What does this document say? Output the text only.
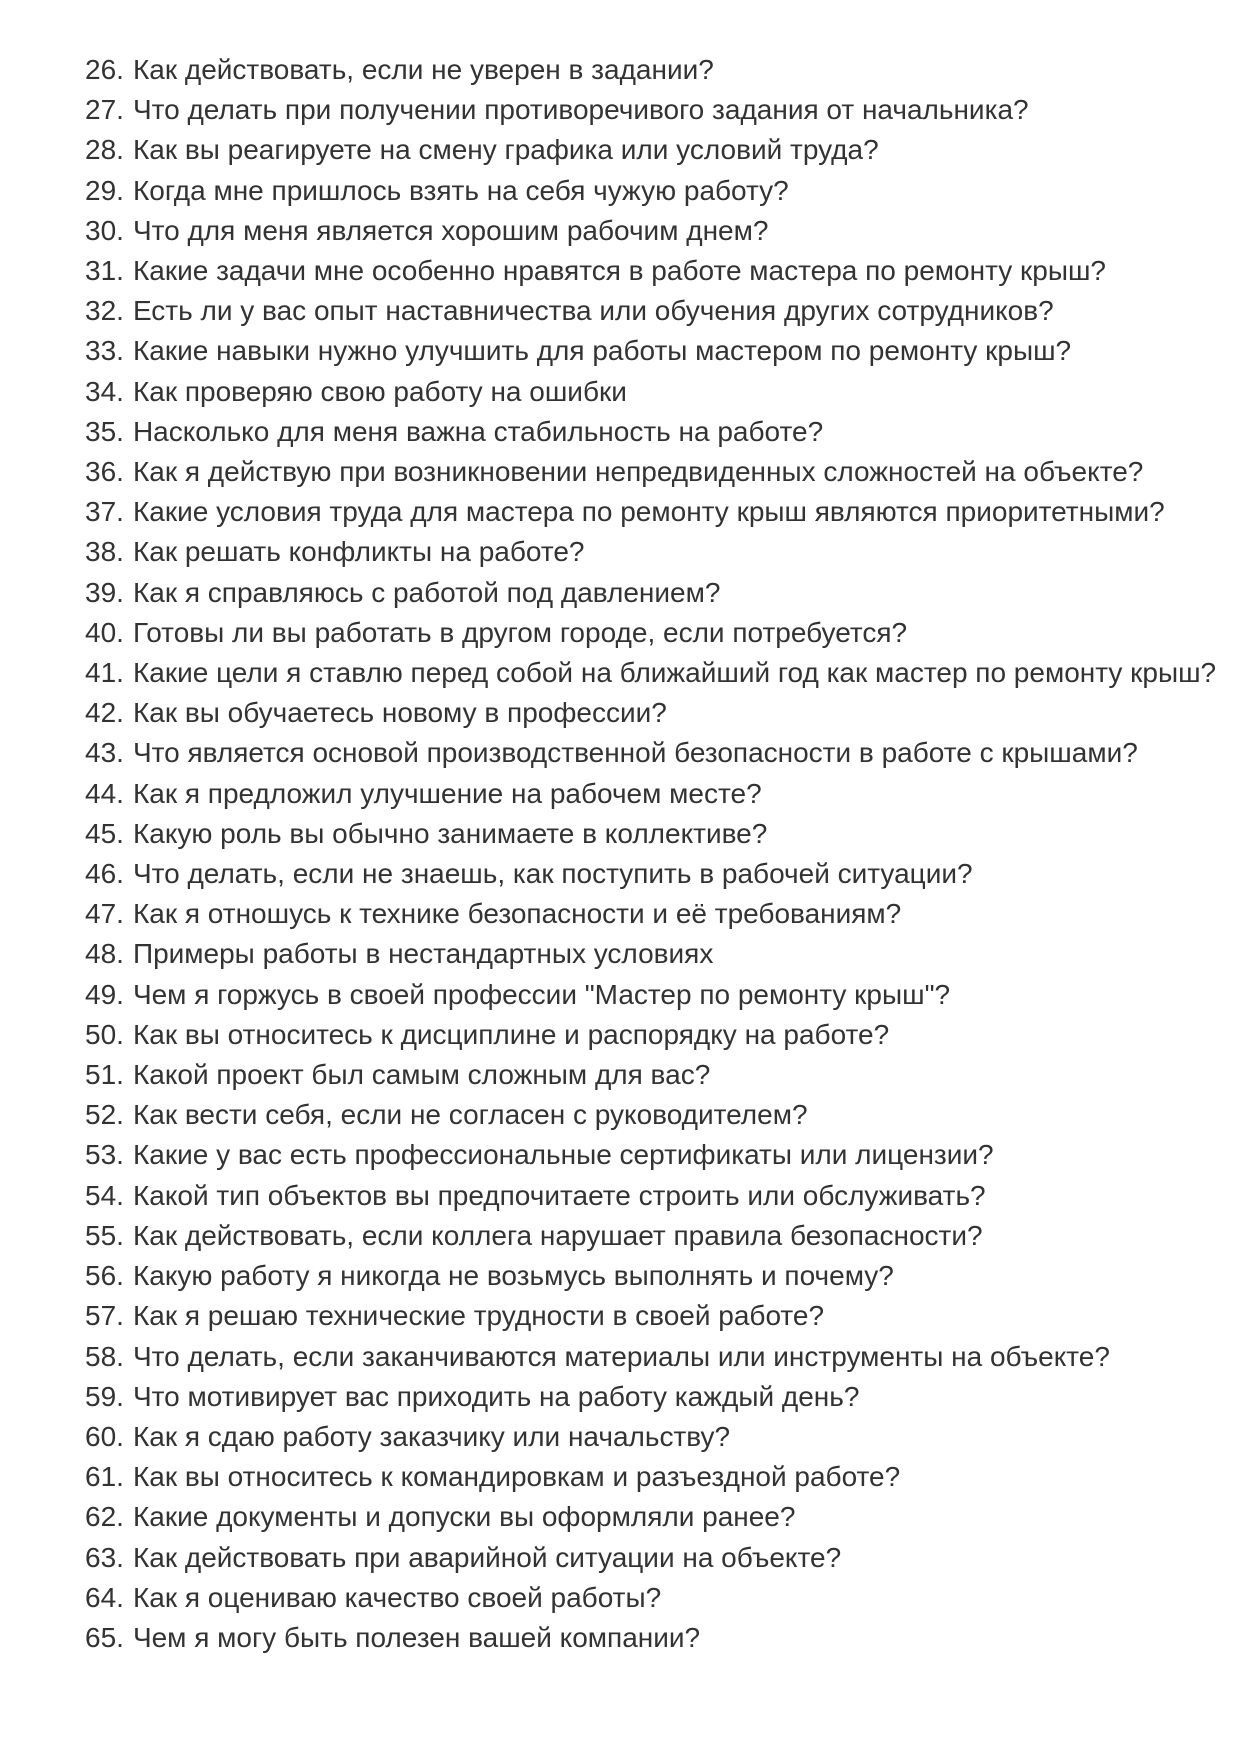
26. Как действовать, если не уверен в задании?
27. Что делать при получении противоречивого задания от начальника?
28. Как вы реагируете на смену графика или условий труда?
29. Когда мне пришлось взять на себя чужую работу?
30. Что для меня является хорошим рабочим днем?
31. Какие задачи мне особенно нравятся в работе мастера по ремонту крыш?
32. Есть ли у вас опыт наставничества или обучения других сотрудников?
33. Какие навыки нужно улучшить для работы мастером по ремонту крыш?
34. Как проверяю свою работу на ошибки
35. Насколько для меня важна стабильность на работе?
36. Как я действую при возникновении непредвиденных сложностей на объекте?
37. Какие условия труда для мастера по ремонту крыш являются приоритетными?
38. Как решать конфликты на работе?
39. Как я справляюсь с работой под давлением?
40. Готовы ли вы работать в другом городе, если потребуется?
41. Какие цели я ставлю перед собой на ближайший год как мастер по ремонту крыш?
42. Как вы обучаетесь новому в профессии?
43. Что является основой производственной безопасности в работе с крышами?
44. Как я предложил улучшение на рабочем месте?
45. Какую роль вы обычно занимаете в коллективе?
46. Что делать, если не знаешь, как поступить в рабочей ситуации?
47. Как я отношусь к технике безопасности и её требованиям?
48. Примеры работы в нестандартных условиях
49. Чем я горжусь в своей профессии "Мастер по ремонту крыш"?
50. Как вы относитесь к дисциплине и распорядку на работе?
51. Какой проект был самым сложным для вас?
52. Как вести себя, если не согласен с руководителем?
53. Какие у вас есть профессиональные сертификаты или лицензии?
54. Какой тип объектов вы предпочитаете строить или обслуживать?
55. Как действовать, если коллега нарушает правила безопасности?
56. Какую работу я никогда не возьмусь выполнять и почему?
57. Как я решаю технические трудности в своей работе?
58. Что делать, если заканчиваются материалы или инструменты на объекте?
59. Что мотивирует вас приходить на работу каждый день?
60. Как я сдаю работу заказчику или начальству?
61. Как вы относитесь к командировкам и разъездной работе?
62. Какие документы и допуски вы оформляли ранее?
63. Как действовать при аварийной ситуации на объекте?
64. Как я оцениваю качество своей работы?
65. Чем я могу быть полезен вашей компании?
